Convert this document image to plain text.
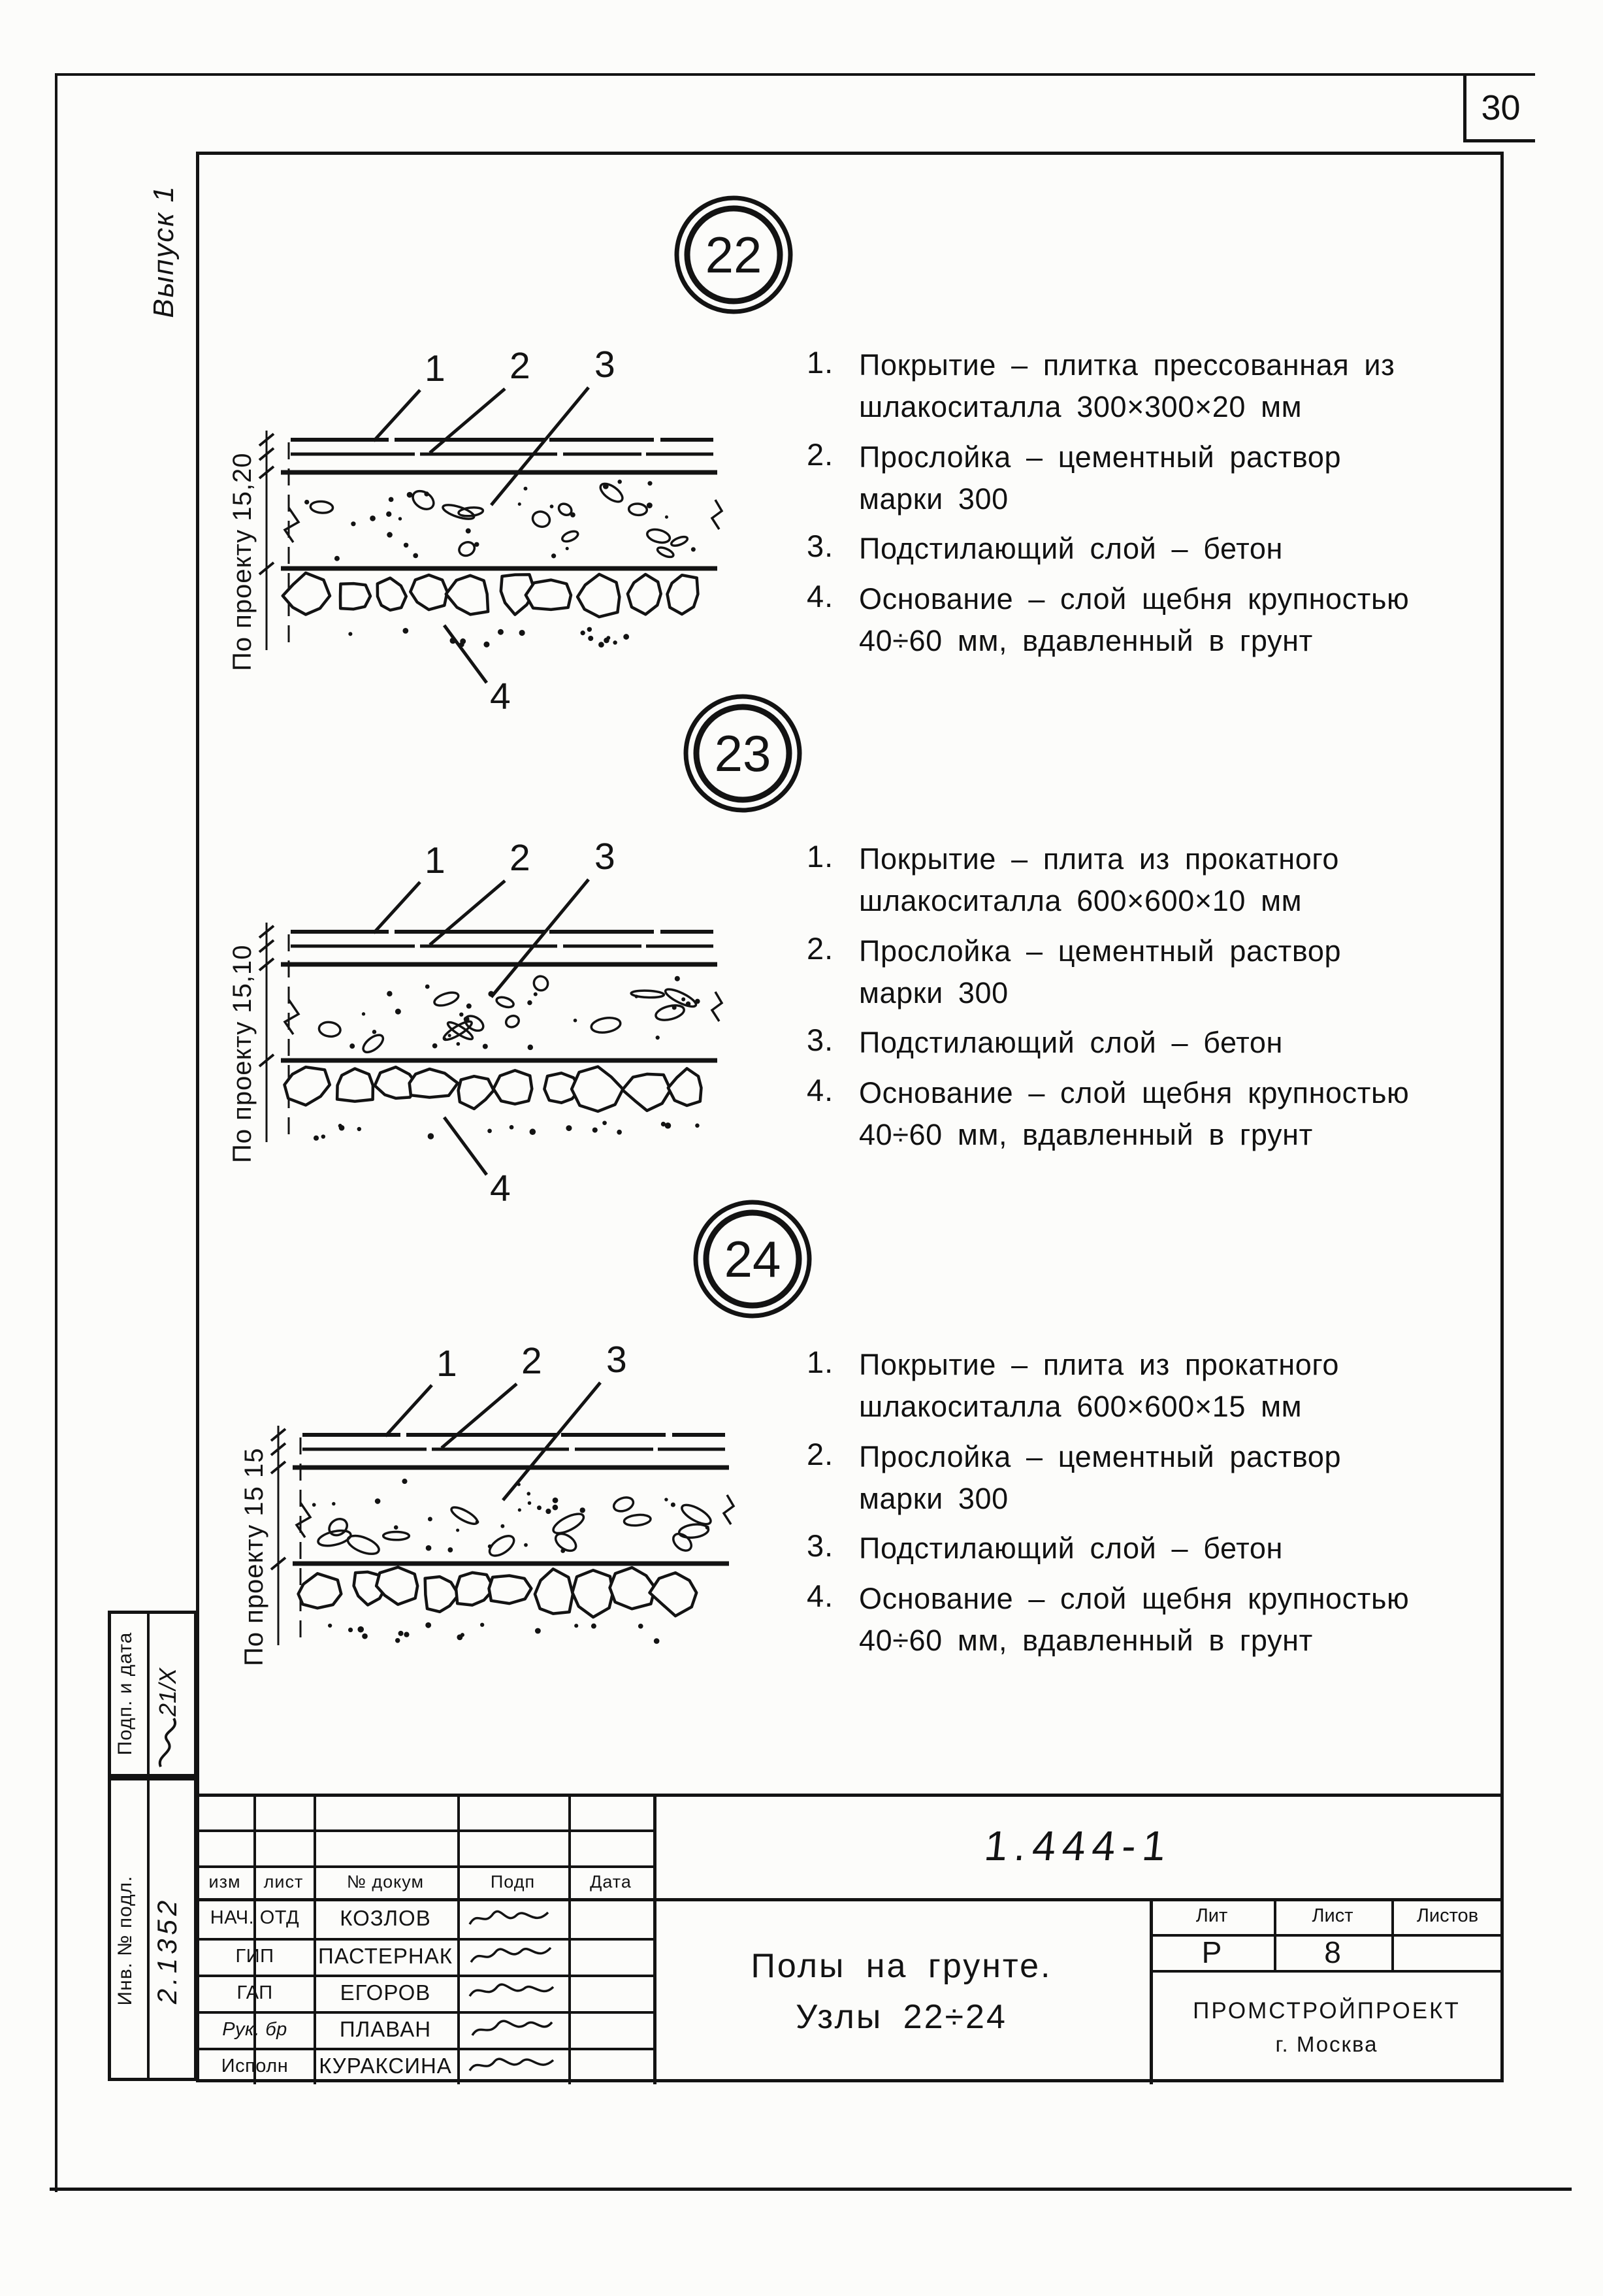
30
Выпуск 1	22
1 2 3
По проекту 15,20
4
1. Покрытие – плитка прессованная из шлакоситалла 300×300×20 мм
2. Прослойка – цементный раствор марки 300
3. Подстилающий слой – бетон
4. Основание – слой щебня крупностью 40÷60 мм, вдавленный в грунт
23
1 2 3
По проекту 15,10
4
1. Покрытие – плита из прокатного шлакоситалла 600×600×10 мм
2. Прослойка – цементный раствор марки 300
3. Подстилающий слой – бетон
4. Основание – слой щебня крупностью 40÷60 мм, вдавленный в грунт
24
1 2 3
По проекту 15 15
1. Покрытие – плита из прокатного шлакоситалла 600×600×15 мм
2. Прослойка – цементный раствор марки 300
3. Подстилающий слой – бетон
4. Основание – слой щебня крупностью 40÷60 мм, вдавленный в грунт
Подп. и дата 21/X
Инв. № подл. 2.1352
изм	лист	№ докум	Подп	Дата
НАЧ. ОТД	КОЗЛОВ
ГИП	ПАСТЕРНАК
ГАП	ЕГОРОВ
Рук. бр	ПЛАВАН
Исполн	КУРАКСИНА
1.444-1
Полы на грунте.
Узлы 22÷24
Лит	Лист	Листов
Р	8
ПРОМСТРОЙПРОЕКТ
г. Москва
